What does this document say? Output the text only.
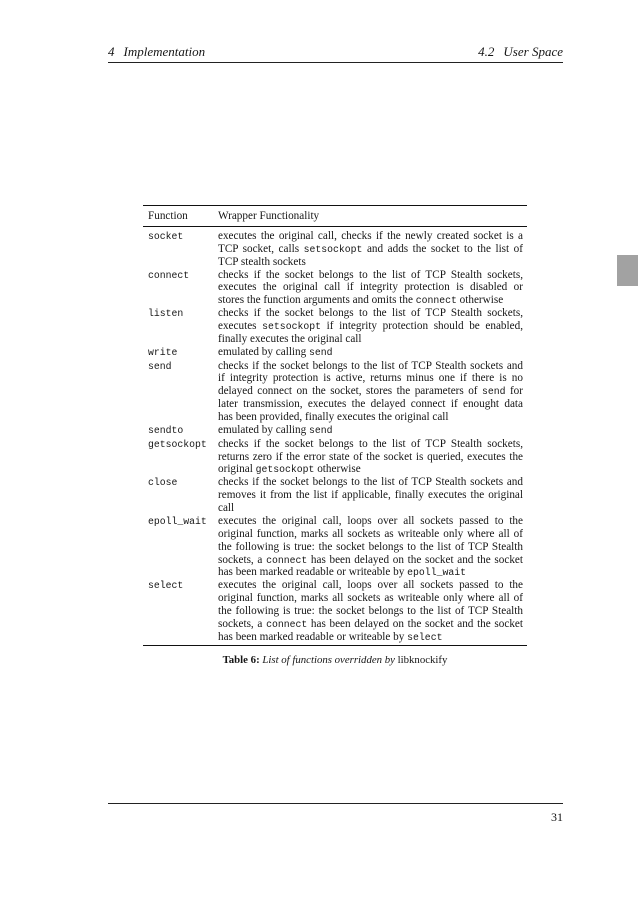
4 Implementation	4.2 User Space
Function	Wrapper Functionality
socket	executes the original call, checks if the newly created socket is a
TCP socket, calls setsockopt and adds the socket to the list of
TCP stealth sockets
connect	checks if the socket belongs to the list of TCP Stealth sockets,
executes the original call if integrity protection is disabled or
stores the function arguments and omits the connect otherwise
listen	checks if the socket belongs to the list of TCP Stealth sockets,
executes setsockopt if integrity protection should be enabled,
finally executes the original call
write	emulated by calling send
send	checks if the socket belongs to the list of TCP Stealth sockets and
if integrity protection is active, returns minus one if there is no
delayed connect on the socket, stores the parameters of send for
later transmission, executes the delayed connect if enought data
has been provided, finally executes the original call
sendto	emulated by calling send
getsockopt	checks if the socket belongs to the list of TCP Stealth sockets,
returns zero if the error state of the socket is queried, executes the
original getsockopt otherwise
close	checks if the socket belongs to the list of TCP Stealth sockets and
removes it from the list if applicable, finally executes the original
call
epoll_wait	executes the original call, loops over all sockets passed to the
original function, marks all sockets as writeable only where all of
the following is true: the socket belongs to the list of TCP Stealth
sockets, a connect has been delayed on the socket and the socket
has been marked readable or writeable by epoll_wait
select	executes the original call, loops over all sockets passed to the
original function, marks all sockets as writeable only where all of
the following is true: the socket belongs to the list of TCP Stealth
sockets, a connect has been delayed on the socket and the socket
has been marked readable or writeable by select
Table 6: List of functions overridden by libknockify
31
